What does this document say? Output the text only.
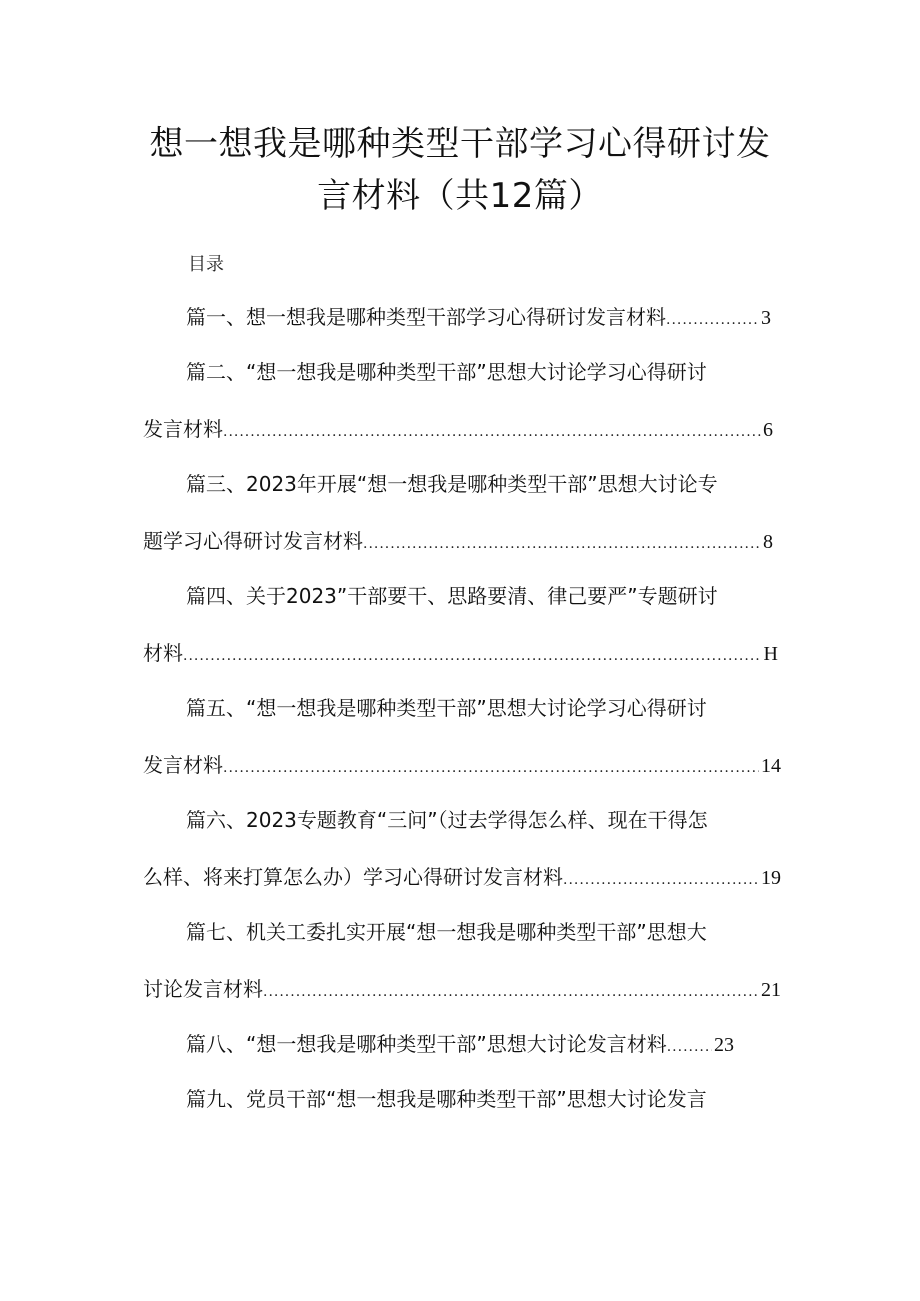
想一想我是哪种类型干部学习心得研讨发
言材料（共12篇）
目录
篇一、想一想我是哪种类型干部学习心得研讨发言材料 .....	3
篇二、“想一想我是哪种类型干部”思想大讨论学习心得研讨
发言材料 .....	6
篇三、2023年开展“想一想我是哪种类型干部”思想大讨论专
题学习心得研讨发言材料 .....	8
篇四、关于2023”干部要干、思路要清、律己要严”专题研讨
材料 .....	H
篇五、“想一想我是哪种类型干部”思想大讨论学习心得研讨
发言材料 .....	14
篇六、2023专题教育“三问”（过去学得怎么样、现在干得怎
么样、将来打算怎么办）学习心得研讨发言材料 .....	19
篇七、机关工委扎实开展“想一想我是哪种类型干部”思想大
讨论发言材料 .....	21
篇八、“想一想我是哪种类型干部”思想大讨论发言材料 ..... 23
篇九、党员干部“想一想我是哪种类型干部”思想大讨论发言
